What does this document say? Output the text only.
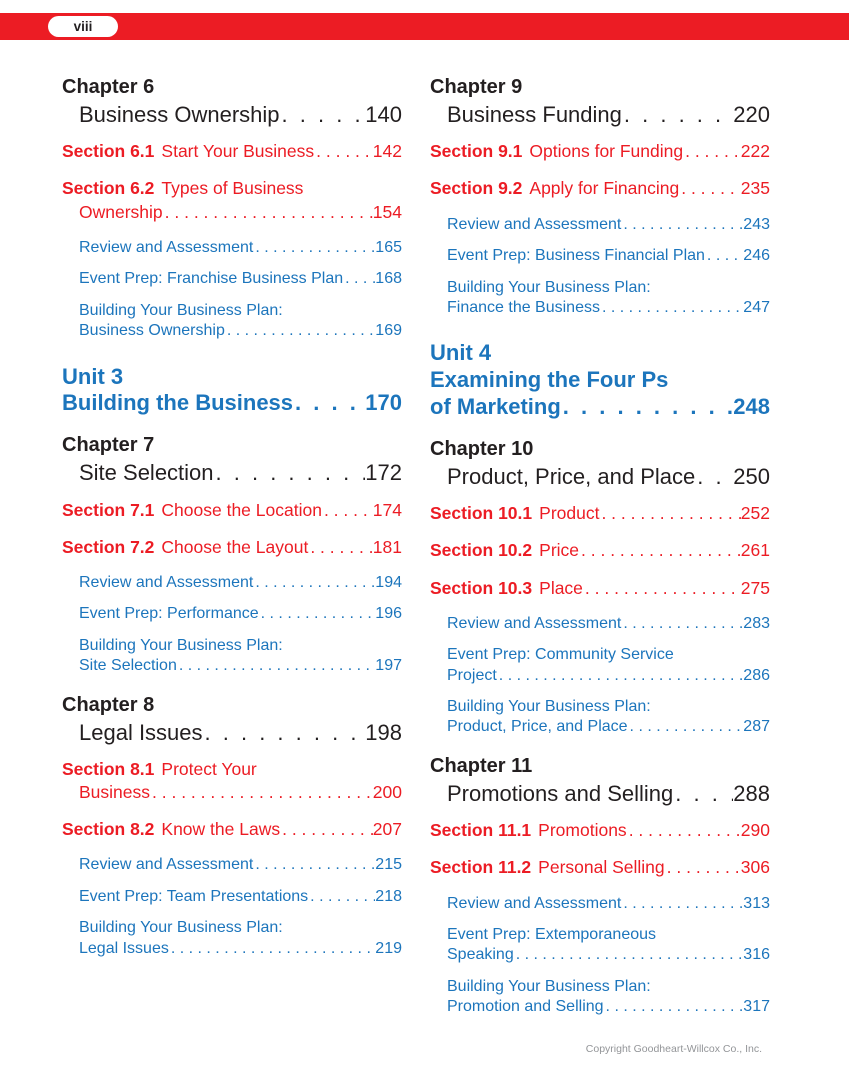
viii
Chapter 6
Business Ownership . . .	140
Section 6.1 Start Your Business . . .	142
Section 6.2 Types of Business
Ownership . . .	154
Review and Assessment . . .	165
Event Prep: Franchise Business Plan . . . 168
Building Your Business Plan:
Business Ownership . . .	169
Unit 3
Building the Business . . .	170
Chapter 7
Site Selection . . .	172
Section 7.1 Choose the Location . . .	174
Section 7.2 Choose the Layout . . .	181
Review and Assessment . . .	194
Event Prep: Performance . . .	196
Building Your Business Plan:
Site Selection . . .	197
Chapter 8
Legal Issues . . .	198
Section 8.1 Protect Your
Business . . .	200
Section 8.2 Know the Laws . . .	207
Review and Assessment . . .	215
Event Prep: Team Presentations . . .	218
Building Your Business Plan:
Legal Issues . . .	219
Chapter 9
Business Funding . . .	220
Section 9.1 Options for Funding . . .	222
Section 9.2 Apply for Financing . . .	235
Review and Assessment . . .	243
Event Prep: Business Financial Plan . . . 246
Building Your Business Plan:
Finance the Business . . .	247
Unit 4
Examining the Four Ps
of Marketing . . .	248
Chapter 10
Product, Price, and Place . . . 250
Section 10.1 Product . . .	252
Section 10.2 Price . . .	261
Section 10.3 Place . . .	275
Review and Assessment . . .	283
Event Prep: Community Service
Project . . .	286
Building Your Business Plan:
Product, Price, and Place . . .	287
Chapter 11
Promotions and Selling . . .	288
Section 11.1 Promotions . . .	290
Section 11.2 Personal Selling . . .	306
Review and Assessment . . .	313
Event Prep: Extemporaneous
Speaking . . .	316
Building Your Business Plan:
Promotion and Selling . . .	317
Copyright Goodheart-Willcox Co., Inc.
